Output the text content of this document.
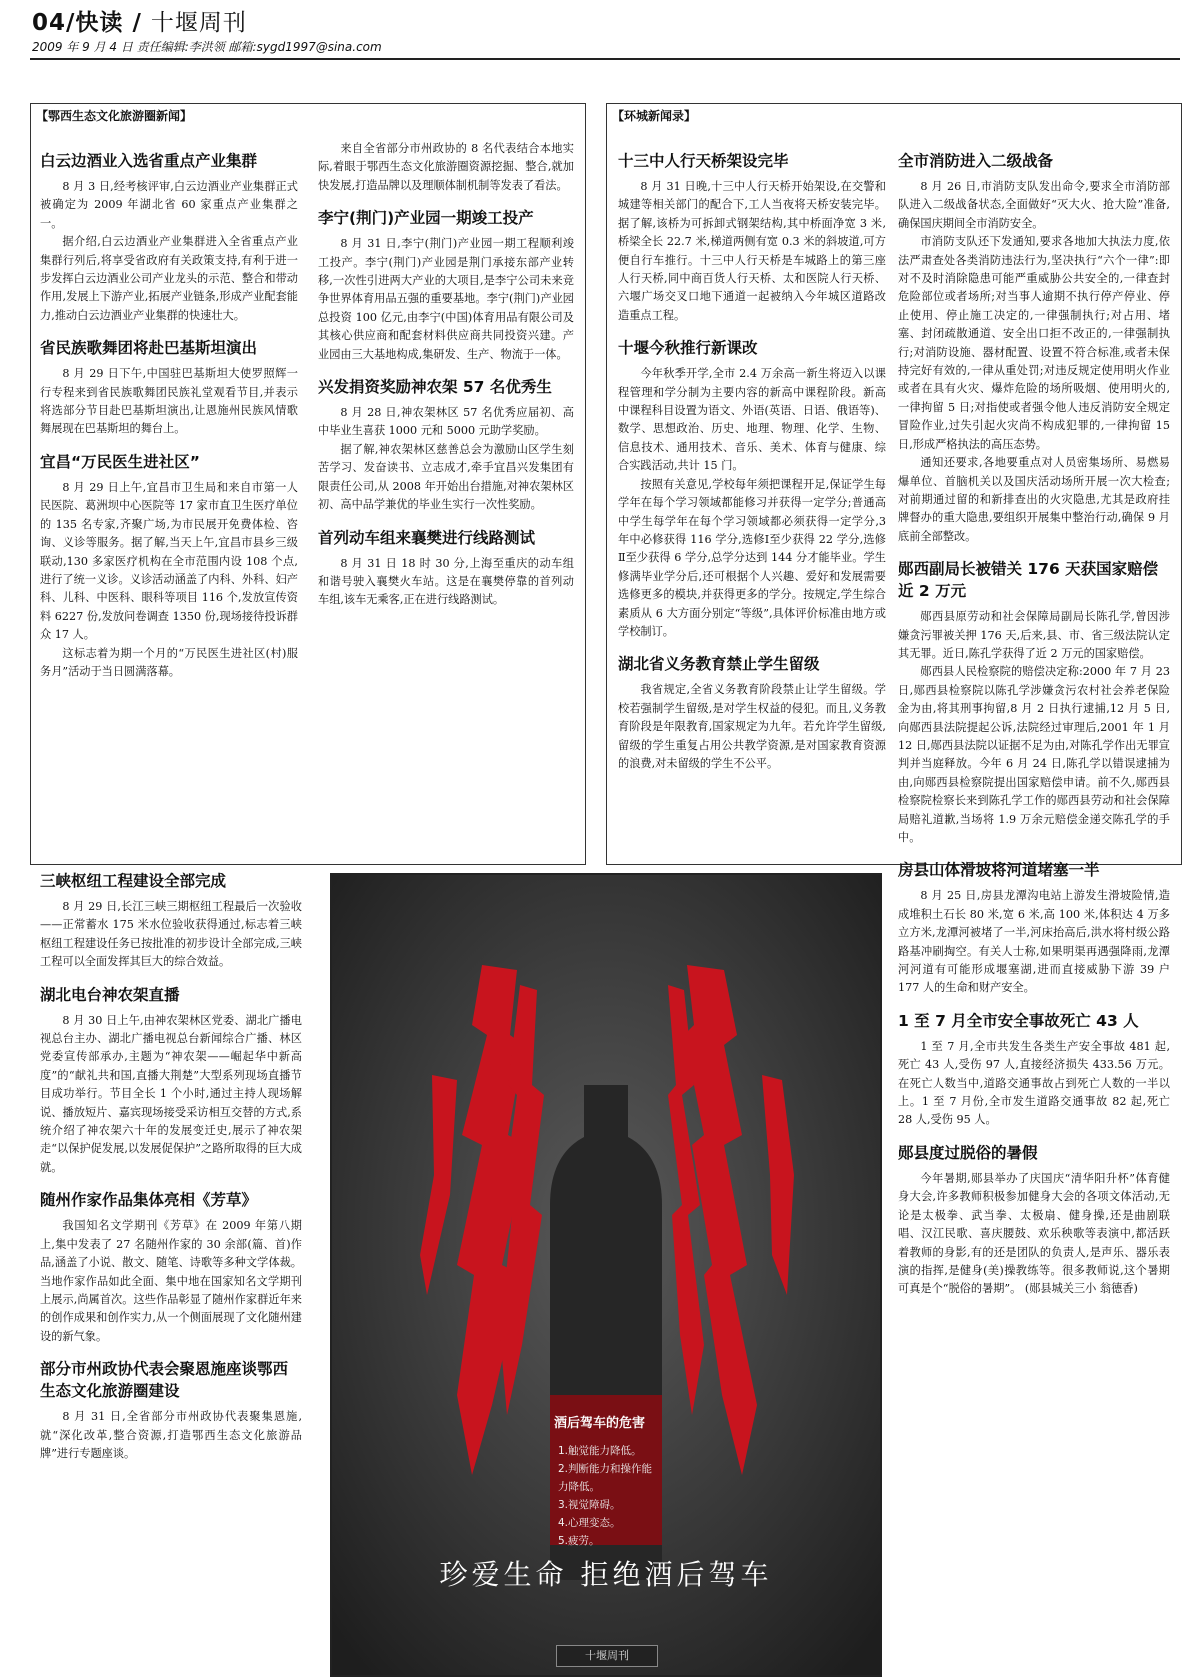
04/快读 / 十堰周刊
2009 年 9 月 4 日 责任编辑:李洪领 邮箱:sygd1997@sina.com
【鄂西生态文化旅游圈新闻】	【环城新闻录】
白云边酒业入选省重点产业集群

8 月 3 日,经考核评审,白云边酒业产业集群正式被确定为 2009 年湖北省 60 家重点产业集群之一。

据介绍,白云边酒业产业集群进入全省重点产业集群行列后,将享受省政府有关政策支持,有利于进一步发挥白云边酒业公司产业龙头的示范、整合和带动作用,发展上下游产业,拓展产业链条,形成产业配套能力,推动白云边酒业产业集群的快速壮大。

省民族歌舞团将赴巴基斯坦演出

8 月 29 日下午,中国驻巴基斯坦大使罗照辉一行专程来到省民族歌舞团民族礼堂观看节目,并表示将选部分节目赴巴基斯坦演出,让恩施州民族风情歌舞展现在巴基斯坦的舞台上。

宜昌“万民医生进社区”

8 月 29 日上午,宜昌市卫生局和来自市第一人民医院、葛洲坝中心医院等 17 家市直卫生医疗单位的 135 名专家,齐聚广场,为市民展开免费体检、咨询、义诊等服务。据了解,当天上午,宜昌市县乡三级联动,130 多家医疗机构在全市范围内设 108 个点,进行了统一义诊。义诊活动涵盖了内科、外科、妇产科、儿科、中医科、眼科等项目 116 个,发放宣传资料 6227 份,发放问卷调查 1350 份,现场接待投诉群众 17 人。

这标志着为期一个月的“万民医生进社区(村)服务月”活动于当日圆满落幕。

来自全省部分市州政协的 8 名代表结合本地实际,着眼于鄂西生态文化旅游圈资源挖掘、整合,就加快发展,打造品牌以及理顺体制机制等发表了看法。

李宁(荆门)产业园一期竣工投产

8 月 31 日,李宁(荆门)产业园一期工程顺利竣工投产。李宁(荆门)产业园是荆门承接东部产业转移,一次性引进两大产业的大项目,是李宁公司未来竞争世界体育用品五强的重要基地。李宁(荆门)产业园总投资 100 亿元,由李宁(中国)体育用品有限公司及其核心供应商和配套材料供应商共同投资兴建。产业园由三大基地构成,集研发、生产、物流于一体。

兴发捐资奖励神农架 57 名优秀生

8 月 28 日,神农架林区 57 名优秀应届初、高中毕业生喜获 1000 元和 5000 元助学奖励。

据了解,神农架林区慈善总会为激励山区学生刻苦学习、发奋读书、立志成才,牵手宜昌兴发集团有限责任公司,从 2008 年开始出台措施,对神农架林区初、高中品学兼优的毕业生实行一次性奖励。

首列动车组来襄樊进行线路测试

8 月 31 日 18 时 30 分,上海至重庆的动车组和谐号驶入襄樊火车站。这是在襄樊停靠的首列动车组,该车无乘客,正在进行线路测试。

三峡枢纽工程建设全部完成

8 月 29 日,长江三峡三期枢纽工程最后一次验收——正常蓄水 175 米水位验收获得通过,标志着三峡枢纽工程建设任务已按批准的初步设计全部完成,三峡工程可以全面发挥其巨大的综合效益。

湖北电台神农架直播

8 月 30 日上午,由神农架林区党委、湖北广播电视总台主办、湖北广播电视总台新闻综合广播、林区党委宣传部承办,主题为“神农架——崛起华中新高度”的“献礼共和国,直播大荆楚”大型系列现场直播节目成功举行。节目全长 1 个小时,通过主持人现场解说、播放短片、嘉宾现场接受采访相互交替的方式,系统介绍了神农架六十年的发展变迁史,展示了神农架走“以保护促发展,以发展促保护”之路所取得的巨大成就。

随州作家作品集体亮相《芳草》

我国知名文学期刊《芳草》在 2009 年第八期上,集中发表了 27 名随州作家的 30 余部(篇、首)作品,涵盖了小说、散文、随笔、诗歌等多种文学体裁。当地作家作品如此全面、集中地在国家知名文学期刊上展示,尚属首次。这些作品彰显了随州作家群近年来的创作成果和创作实力,从一个侧面展现了文化随州建设的新气象。

部分市州政协代表会聚恩施座谈鄂西生态文化旅游圈建设

8 月 31 日,全省部分市州政协代表聚集恩施,就“深化改革,整合资源,打造鄂西生态文化旅游品牌”进行专题座谈。

十三中人行天桥架设完毕

8 月 31 日晚,十三中人行天桥开始架设,在交警和城建等相关部门的配合下,工人当夜将天桥安装完毕。据了解,该桥为可拆卸式钢架结构,其中桥面净宽 3 米,桥梁全长 22.7 米,梯道两侧有宽 0.3 米的斜坡道,可方便自行车推行。十三中人行天桥是车城路上的第三座人行天桥,同中商百货人行天桥、太和医院人行天桥、六堰广场交叉口地下通道一起被纳入今年城区道路改造重点工程。

十堰今秋推行新课改

今年秋季开学,全市 2.4 万余高一新生将迈入以课程管理和学分制为主要内容的新高中课程阶段。新高中课程科目设置为语文、外语(英语、日语、俄语等)、数学、思想政治、历史、地理、物理、化学、生物、信息技术、通用技术、音乐、美术、体育与健康、综合实践活动,共计 15 门。

按照有关意见,学校每年须把课程开足,保证学生每学年在每个学习领域都能修习并获得一定学分;普通高中学生每学年在每个学习领域都必须获得一定学分,3 年中必修获得 116 学分,选修Ⅰ至少获得 22 学分,选修Ⅱ至少获得 6 学分,总学分达到 144 分才能毕业。学生修满毕业学分后,还可根据个人兴趣、爱好和发展需要选修更多的模块,并获得更多的学分。按规定,学生综合素质从 6 大方面分别定“等级”,具体评价标准由地方或学校制订。

湖北省义务教育禁止学生留级

我省规定,全省义务教育阶段禁止让学生留级。学校若强制学生留级,是对学生权益的侵犯。而且,义务教育阶段是年限教育,国家规定为九年。若允许学生留级,留级的学生重复占用公共教学资源,是对国家教育资源的浪费,对未留级的学生不公平。

全市消防进入二级战备

8 月 26 日,市消防支队发出命令,要求全市消防部队进入二级战备状态,全面做好“灭大火、抢大险”准备,确保国庆期间全市消防安全。

市消防支队还下发通知,要求各地加大执法力度,依法严肃查处各类消防违法行为,坚决执行“六个一律”:即对不及时消除隐患可能严重威胁公共安全的,一律查封危险部位或者场所;对当事人逾期不执行停产停业、停止使用、停止施工决定的,一律强制执行;对占用、堵塞、封闭疏散通道、安全出口拒不改正的,一律强制执行;对消防设施、器材配置、设置不符合标准,或者未保持完好有效的,一律从重处罚;对违反规定使用明火作业或者在具有火灾、爆炸危险的场所吸烟、使用明火的,一律拘留 5 日;对指使或者强令他人违反消防安全规定冒险作业,过失引起火灾尚不构成犯罪的,一律拘留 15 日,形成严格执法的高压态势。

通知还要求,各地要重点对人员密集场所、易燃易爆单位、首脑机关以及国庆活动场所开展一次大检查;对前期通过留的和新排查出的火灾隐患,尤其是政府挂牌督办的重大隐患,要组织开展集中整治行动,确保 9 月底前全部整改。

郧西副局长被错关 176 天获国家赔偿近 2 万元

郧西县原劳动和社会保障局副局长陈孔学,曾因涉嫌贪污罪被关押 176 天,后来,县、市、省三级法院认定其无罪。近日,陈孔学获得了近 2 万元的国家赔偿。

郧西县人民检察院的赔偿决定称:2000 年 7 月 23 日,郧西县检察院以陈孔学涉嫌贪污农村社会养老保险金为由,将其刑事拘留,8 月 2 日执行逮捕,12 月 5 日,向郧西县法院提起公诉,法院经过审理后,2001 年 1 月 12 日,郧西县法院以证据不足为由,对陈孔学作出无罪宣判并当庭释放。今年 6 月 24 日,陈孔学以错误逮捕为由,向郧西县检察院提出国家赔偿申请。前不久,郧西县检察院检察长来到陈孔学工作的郧西县劳动和社会保障局赔礼道歉,当场将 1.9 万余元赔偿金递交陈孔学的手中。

房县山体滑坡将河道堵塞一半

8 月 25 日,房县龙潭沟电站上游发生滑坡险情,造成堆积土石长 80 米,宽 6 米,高 100 米,体积达 4 万多立方米,龙潭河被堵了一半,河床抬高后,洪水将村级公路路基冲刷掏空。有关人士称,如果明渠再遇强降雨,龙潭河河道有可能形成堰塞湖,进而直接威胁下游 39 户 177 人的生命和财产安全。

1 至 7 月全市安全事故死亡 43 人

1 至 7 月,全市共发生各类生产安全事故 481 起,死亡 43 人,受伤 97 人,直接经济损失 433.56 万元。在死亡人数当中,道路交通事故占到死亡人数的一半以上。1 至 7 月份,全市发生道路交通事故 82 起,死亡 28 人,受伤 95 人。

郧县度过脱俗的暑假

今年暑期,郧县举办了庆国庆“清华阳升杯”体育健身大会,许多教师积极参加健身大会的各项文体活动,无论是太极拳、武当拳、太极扇、健身操,还是曲剧联唱、汉江民歌、喜庆腰鼓、欢乐秧歌等表演中,都活跃着教师的身影,有的还是团队的负责人,是声乐、器乐表演的指挥,是健身(美)操教练等。很多教师说,这个暑期可真是个“脱俗的暑期”。 (郧县城关三小 翁德香)

酒后驾车的危害
1.触觉能力降低。
2.判断能力和操作能力降低。
3.视觉障碍。
4.心理变态。
5.疲劳。
珍爱生命 拒绝酒后驾车
十堰周刊
